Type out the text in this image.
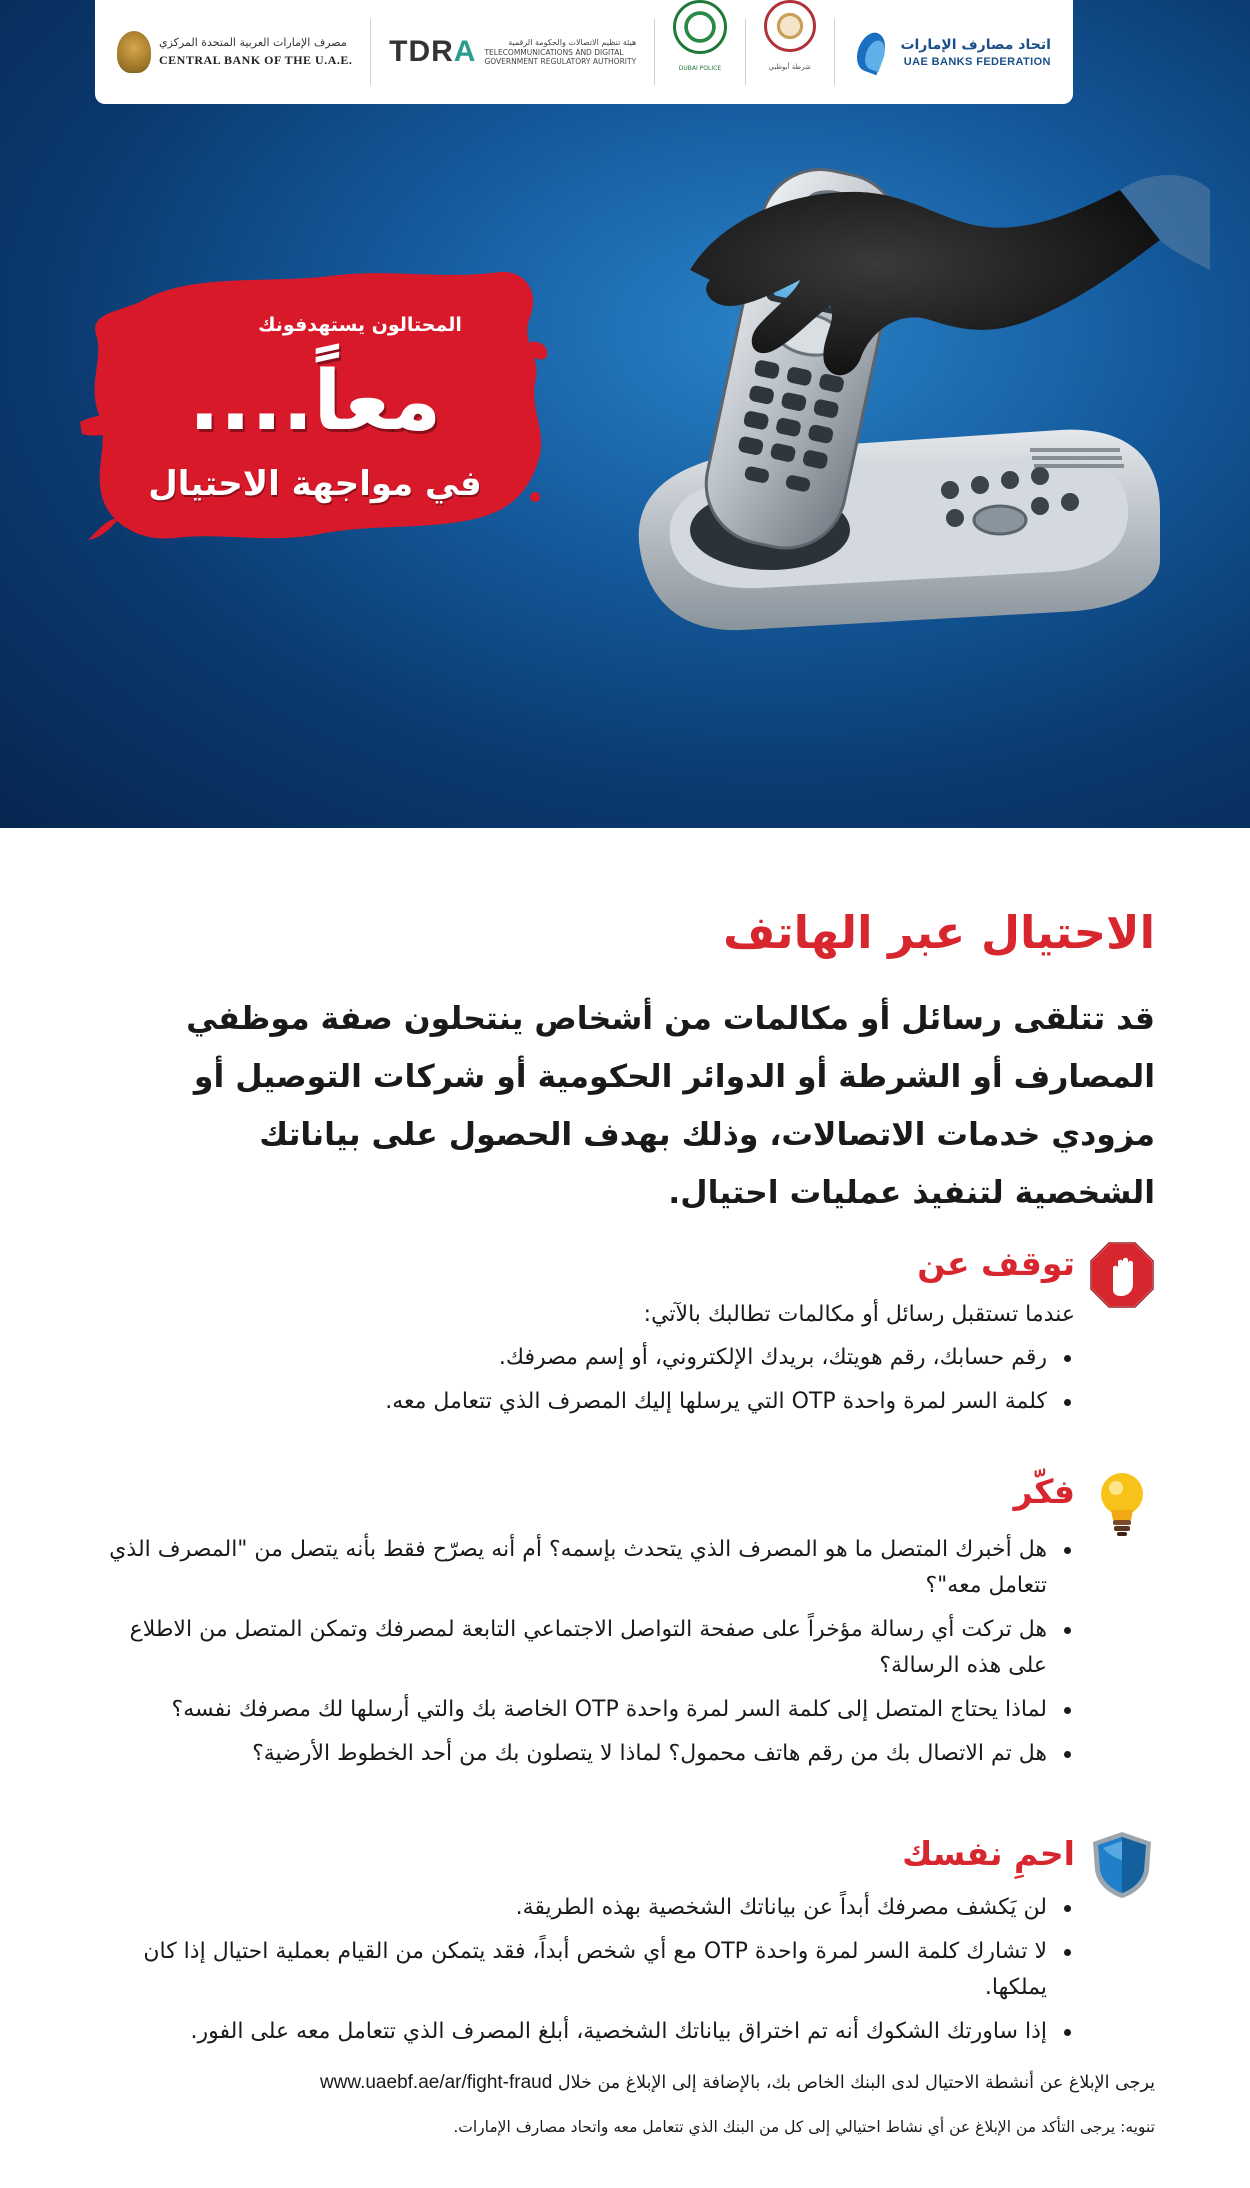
مصرف الإمارات العربية المتحدة المركزي
CENTRAL BANK OF THE U.A.E. TDRA	هيئة تنظيم الاتصالات والحكومة الرقمية
TELECOMMUNICATIONS AND DIGITAL
GOVERNMENT REGULATORY AUTHORITY
DUBAI POLICE	شرطة أبوظبي
اتحاد مصارف الإمارات
UAE BANKS FEDERATION
المحتالون يستهدفونك
معاً....
في مواجهة الاحتيال
الاحتيال عبر الهاتف

قد تتلقى رسائل أو مكالمات من أشخاص ينتحلون صفة موظفي المصارف أو الشرطة أو الدوائر الحكومية أو شركات التوصيل أو مزودي خدمات الاتصالات، وذلك بهدف الحصول على بياناتك الشخصية لتنفيذ عمليات احتيال.

توقف عن
عندما تستقبل رسائل أو مكالمات تطالبك بالآتي:
رقم حسابك، رقم هويتك، بريدك الإلكتروني، أو إسم مصرفك.
كلمة السر لمرة واحدة OTP التي يرسلها إليك المصرف الذي تتعامل معه.
فكّر
هل أخبرك المتصل ما هو المصرف الذي يتحدث بإسمه؟ أم أنه يصرّح فقط بأنه يتصل من "المصرف الذي تتعامل معه"؟
هل تركت أي رسالة مؤخراً على صفحة التواصل الاجتماعي التابعة لمصرفك وتمكن المتصل من الاطلاع على هذه الرسالة؟
لماذا يحتاج المتصل إلى كلمة السر لمرة واحدة OTP الخاصة بك والتي أرسلها لك مصرفك نفسه؟
هل تم الاتصال بك من رقم هاتف محمول؟ لماذا لا يتصلون بك من أحد الخطوط الأرضية؟
احمِ نفسك
لن يَكشف مصرفك أبداً عن بياناتك الشخصية بهذه الطريقة.
لا تشارك كلمة السر لمرة واحدة OTP مع أي شخص أبداً، فقد يتمكن من القيام بعملية احتيال إذا كان يملكها.
إذا ساورتك الشكوك أنه تم اختراق بياناتك الشخصية، أبلغ المصرف الذي تتعامل معه على الفور.
يرجى الإبلاغ عن أنشطة الاحتيال لدى البنك الخاص بك، بالإضافة إلى الإبلاغ من خلال www.uaebf.ae/ar/fight-fraud
تنويه: يرجى التأكد من الإبلاغ عن أي نشاط احتيالي إلى كل من البنك الذي تتعامل معه واتحاد مصارف الإمارات.
